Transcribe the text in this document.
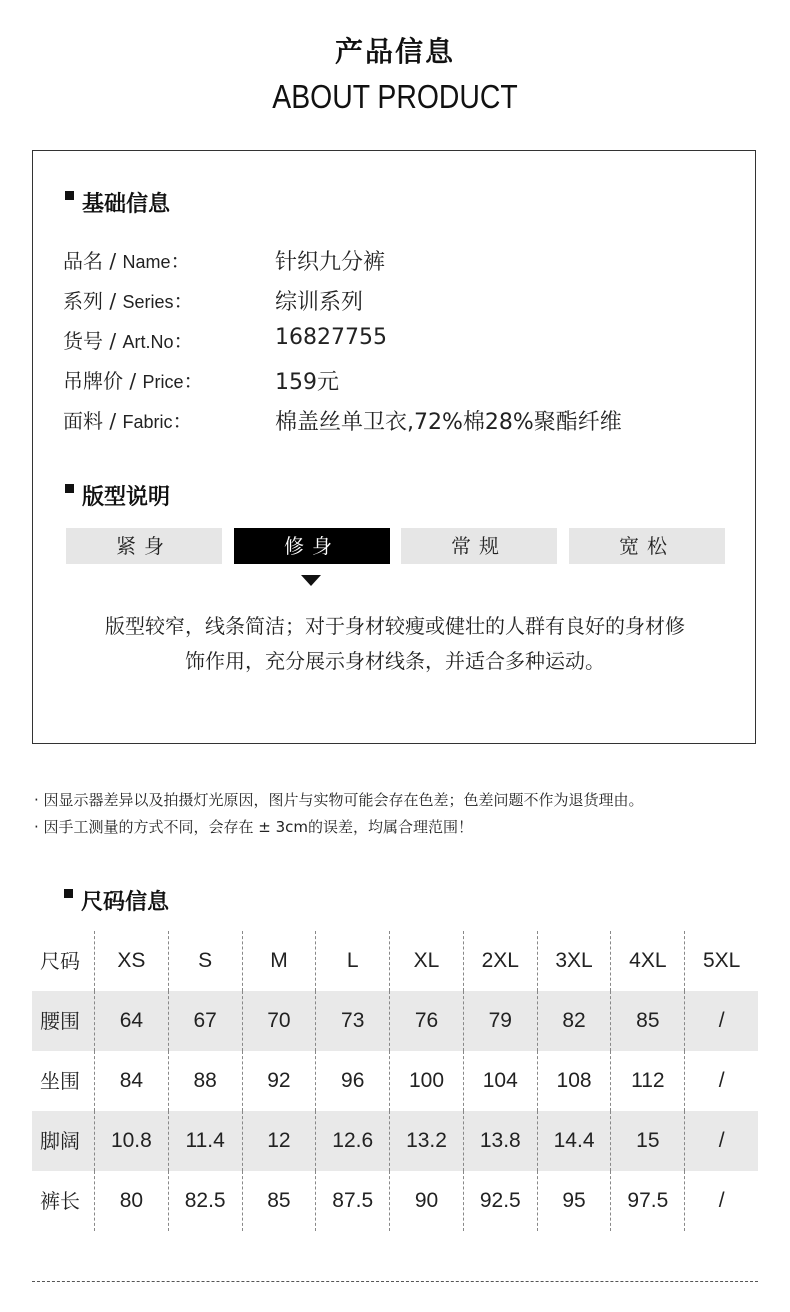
产品信息
ABOUT PRODUCT
基础信息
品名 / Name：	针织九分裤
系列 / Series：	综训系列
货号 / Art.No：	16827755
吊牌价 / Price：	159元
面料 / Fabric：	棉盖丝单卫衣,72%棉28%聚酯纤维
版型说明
紧身	修身	常规	宽松
版型较窄，线条简洁；对于身材较瘦或健壮的人群有良好的身材修
饰作用，充分展示身材线条，并适合多种运动。
· 因显示器差异以及拍摄灯光原因，图片与实物可能会存在色差；色差问题不作为退货理由。
· 因手工测量的方式不同，会存在 ± 3cm的误差，均属合理范围！
尺码信息
尺码	XS	S	M	L	XL	2XL	3XL	4XL	5XL
腰围	64	67	70	73	76	79	82	85	/
坐围	84	88	92	96	100	104	108	112	/
脚阔	10.8	11.4	12	12.6	13.2	13.8	14.4	15	/
裤长	80	82.5	85	87.5	90	92.5	95	97.5	/
